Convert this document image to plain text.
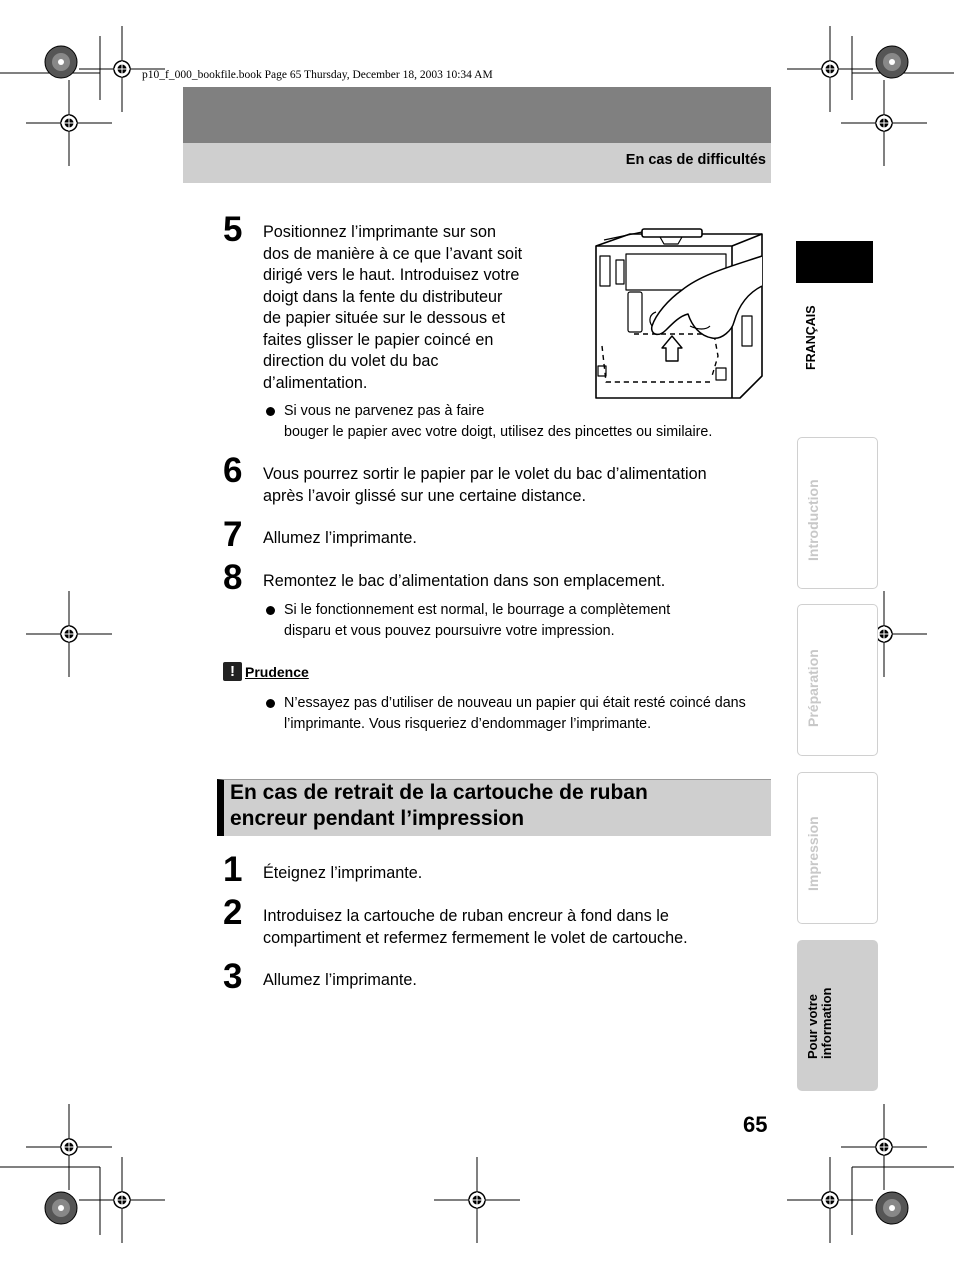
p10_f_000_bookfile.book Page 65 Thursday, December 18, 2003 10:34 AM
En cas de difficultés
5 Positionnez l’imprimante sur son
dos de manière à ce que l’avant soit
dirigé vers le haut. Introduisez votre
doigt dans la fente du distributeur
de papier située sur le dessous et
faites glisser le papier coincé en
direction du volet du bac
d’alimentation.
Si vous ne parvenez pas à faire
bouger le papier avec votre doigt, utilisez des pincettes ou similaire.
6 Vous pourrez sortir le papier par le volet du bac d’alimentation
après l’avoir glissé sur une certaine distance.
7 Allumez l’imprimante.
8 Remontez le bac d’alimentation dans son emplacement.
Si le fonctionnement est normal, le bourrage a complètement
disparu et vous pouvez poursuivre votre impression.
! Prudence
N’essayez pas d’utiliser de nouveau un papier qui était resté coincé dans
l’imprimante. Vous risqueriez d’endommager l’imprimante.
En cas de retrait de la cartouche de ruban
encreur pendant l’impression
1 Éteignez l’imprimante.
2 Introduisez la cartouche de ruban encreur à fond dans le
compartiment et refermez fermement le volet de cartouche.
3 Allumez l’imprimante.
FRANÇAIS
Introduction
Préparation
Impression
Pour votre information
65
